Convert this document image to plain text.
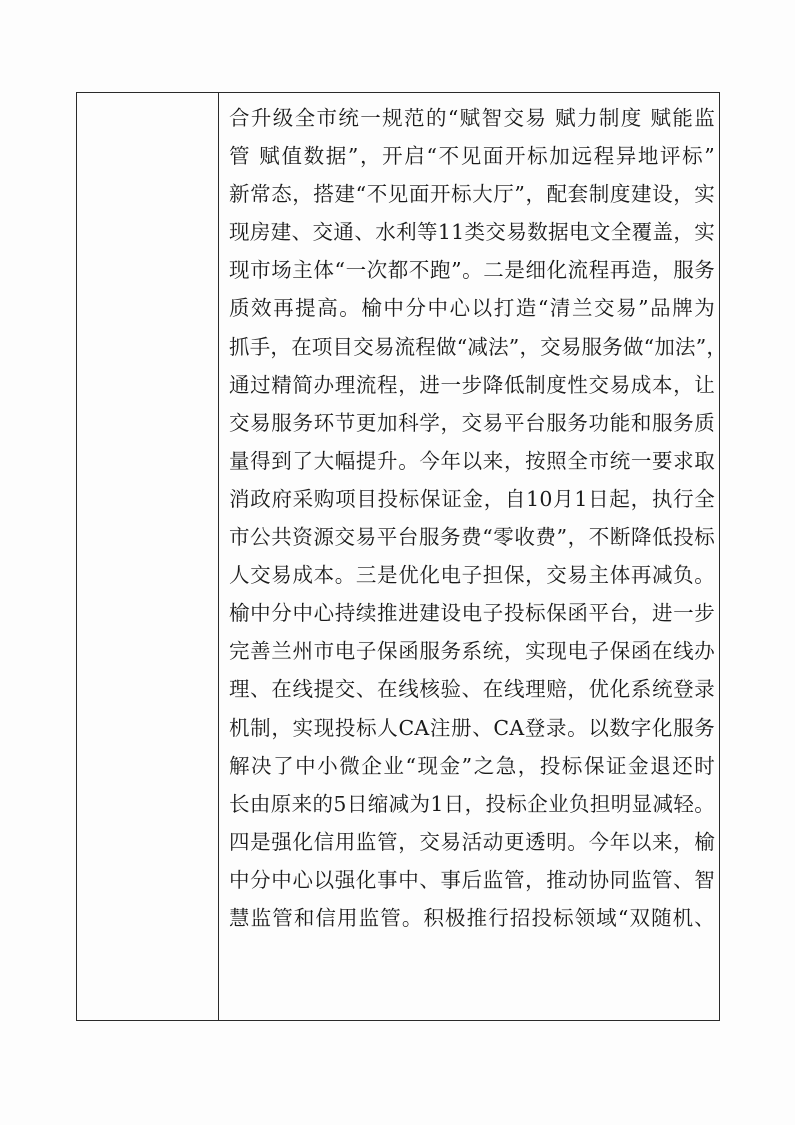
合升级全市统一规范的“赋智交易 赋力制度 赋能监
管 赋值数据”，开启“不见面开标加远程异地评标”
新常态，搭建“不见面开标大厅”，配套制度建设，实
现房建、交通、水利等11类交易数据电文全覆盖，实
现市场主体“一次都不跑”。二是细化流程再造，服务
质效再提高。榆中分中心以打造“清兰交易”品牌为
抓手，在项目交易流程做“减法”，交易服务做“加法”，
通过精简办理流程，进一步降低制度性交易成本，让
交易服务环节更加科学，交易平台服务功能和服务质
量得到了大幅提升。今年以来，按照全市统一要求取
消政府采购项目投标保证金，自10月1日起，执行全
市公共资源交易平台服务费“零收费”，不断降低投标
人交易成本。三是优化电子担保，交易主体再减负。
榆中分中心持续推进建设电子投标保函平台，进一步
完善兰州市电子保函服务系统，实现电子保函在线办
理、在线提交、在线核验、在线理赔，优化系统登录
机制，实现投标人CA注册、CA登录。以数字化服务
解决了中小微企业“现金”之急，投标保证金退还时
长由原来的5日缩减为1日，投标企业负担明显减轻。
四是强化信用监管，交易活动更透明。今年以来，榆
中分中心以强化事中、事后监管，推动协同监管、智
慧监管和信用监管。积极推行招投标领域“双随机、
